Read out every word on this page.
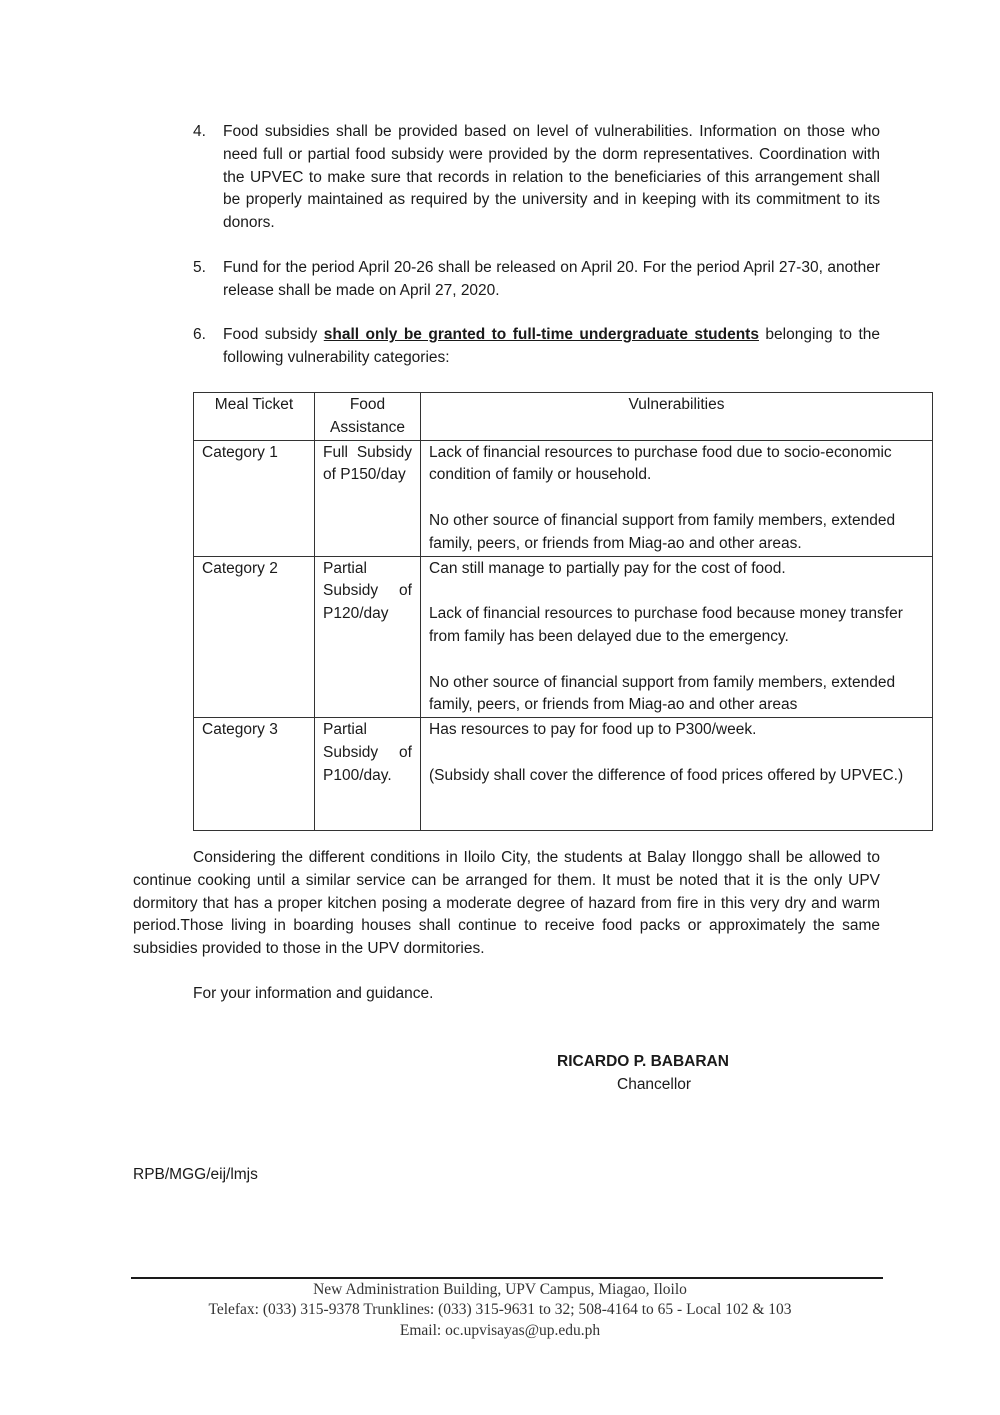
4. Food subsidies shall be provided based on level of vulnerabilities. Information on those who need full or partial food subsidy were provided by the dorm representatives. Coordination with the UPVEC to make sure that records in relation to the beneficiaries of this arrangement shall be properly maintained as required by the university and in keeping with its commitment to its donors.
5. Fund for the period April 20-26 shall be released on April 20. For the period April 27-30, another release shall be made on April 27, 2020.
6. Food subsidy shall only be granted to full-time undergraduate students belonging to the following vulnerability categories:
Meal Ticket	Food Assistance	Vulnerabilities
Category 1	Full Subsidy of P150/day	Lack of financial resources to purchase food due to socio-economic condition of family or household.
No other source of financial support from family members, extended family, peers, or friends from Miag-ao and other areas.

Category 2	Partial Subsidy of P120/day	Can still manage to partially pay for the cost of food.
Lack of financial resources to purchase food because money transfer from family has been delayed due to the emergency.
No other source of financial support from family members, extended family, peers, or friends from Miag-ao and other areas

Category 3	Partial Subsidy of P100/day.	Has resources to pay for food up to P300/week.
(Subsidy shall cover the difference of food prices offered by UPVEC.)
Considering the different conditions in Iloilo City, the students at Balay Ilonggo shall be allowed to continue cooking until a similar service can be arranged for them. It must be noted that it is the only UPV dormitory that has a proper kitchen posing a moderate degree of hazard from fire in this very dry and warm period.Those living in boarding houses shall continue to receive food packs or approximately the same subsidies provided to those in the UPV dormitories.
For your information and guidance.
RICARDO P. BABARAN
Chancellor
RPB/MGG/eij/lmjs
New Administration Building, UPV Campus, Miagao, Iloilo
Telefax: (033) 315-9378 Trunklines: (033) 315-9631 to 32; 508-4164 to 65 - Local 102 & 103
Email: oc.upvisayas@up.edu.ph
